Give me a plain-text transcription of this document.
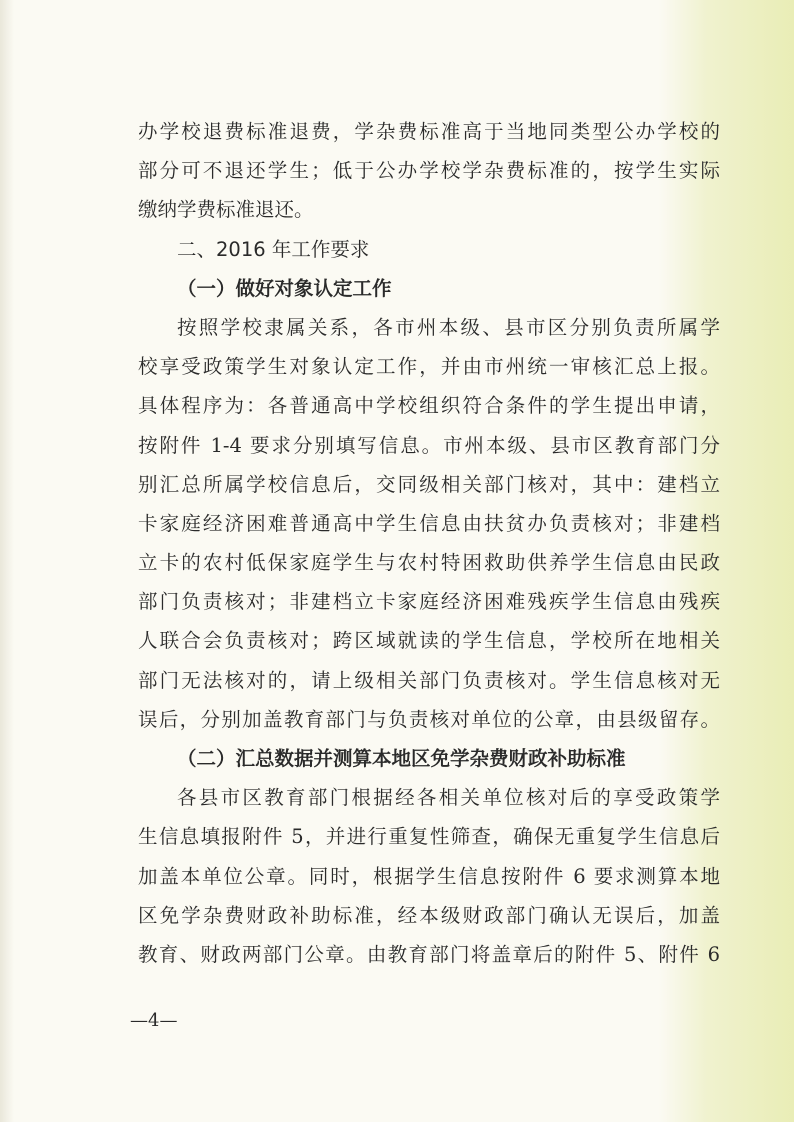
办学校退费标准退费，学杂费标准高于当地同类型公办学校的
部分可不退还学生；低于公办学校学杂费标准的，按学生实际
缴纳学费标准退还。
二、2016 年工作要求
（一）做好对象认定工作
按照学校隶属关系，各市州本级、县市区分别负责所属学
校享受政策学生对象认定工作，并由市州统一审核汇总上报。
具体程序为：各普通高中学校组织符合条件的学生提出申请，
按附件 1-4 要求分别填写信息。市州本级、县市区教育部门分
别汇总所属学校信息后，交同级相关部门核对，其中：建档立
卡家庭经济困难普通高中学生信息由扶贫办负责核对；非建档
立卡的农村低保家庭学生与农村特困救助供养学生信息由民政
部门负责核对；非建档立卡家庭经济困难残疾学生信息由残疾
人联合会负责核对；跨区域就读的学生信息，学校所在地相关
部门无法核对的，请上级相关部门负责核对。学生信息核对无
误后，分别加盖教育部门与负责核对单位的公章，由县级留存。
（二）汇总数据并测算本地区免学杂费财政补助标准
各县市区教育部门根据经各相关单位核对后的享受政策学
生信息填报附件 5，并进行重复性筛查，确保无重复学生信息后
加盖本单位公章。同时，根据学生信息按附件 6 要求测算本地
区免学杂费财政补助标准，经本级财政部门确认无误后，加盖
教育、财政两部门公章。由教育部门将盖章后的附件 5、附件 6
—4—
